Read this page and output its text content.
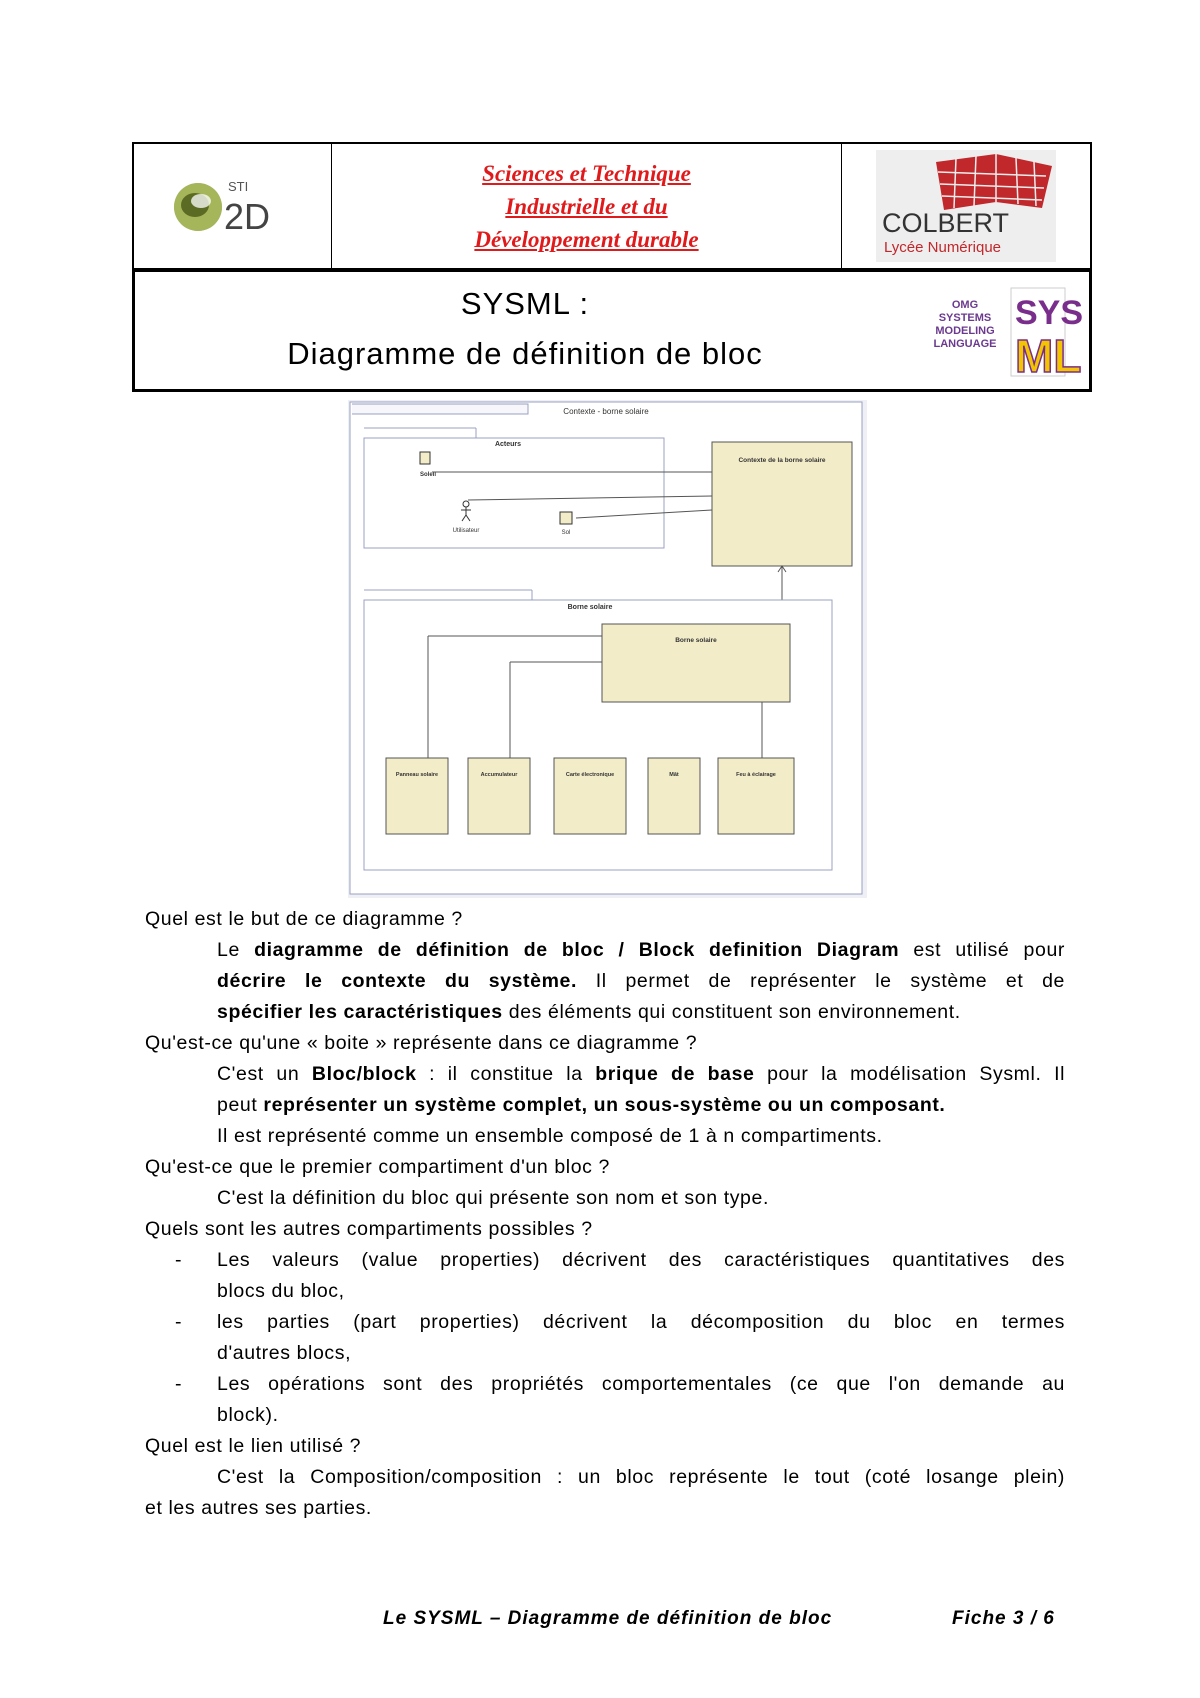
STI
2D
Sciences et Technique
Industrielle et du
Développement durable
COLBERT
Lycée Numérique
SYSML :
Diagramme de définition de bloc
OMG
SYSTEMS
MODELING
LANGUAGE
SYS
ML
Contexte - borne solaire
Acteurs
Soleil
Utilisateur	Sol
Contexte de la borne solaire
Borne solaire
Borne solaire
Panneau solaire	Accumulateur	Carte électronique	Mât	Feu à éclairage
Quel est le but de ce diagramme ?
Le diagramme de définition de bloc / Block definition Diagram est utilisé pour
décrire le contexte du système. Il permet de représenter le système et de
spécifier les caractéristiques des éléments qui constituent son environnement.
Qu'est-ce qu'une « boite » représente dans ce diagramme ?
C'est un Bloc/block : il constitue la brique de base pour la modélisation Sysml. Il
peut représenter un système complet, un sous-système ou un composant.
Il est représenté comme un ensemble composé de 1 à n compartiments.
Qu'est-ce que le premier compartiment d'un bloc ?
C'est la définition du bloc qui présente son nom et son type.
Quels sont les autres compartiments possibles ?
- Les valeurs (value properties) décrivent des caractéristiques quantitatives des
blocs du bloc,
- les parties (part properties) décrivent la décomposition du bloc en termes
d'autres blocs,
- Les opérations sont des propriétés comportementales (ce que l'on demande au
block).
Quel est le lien utilisé ?
C'est la Composition/composition : un bloc représente le tout (coté losange plein)
et les autres ses parties.
Le SYSML – Diagramme de définition de bloc	Fiche 3 / 6
